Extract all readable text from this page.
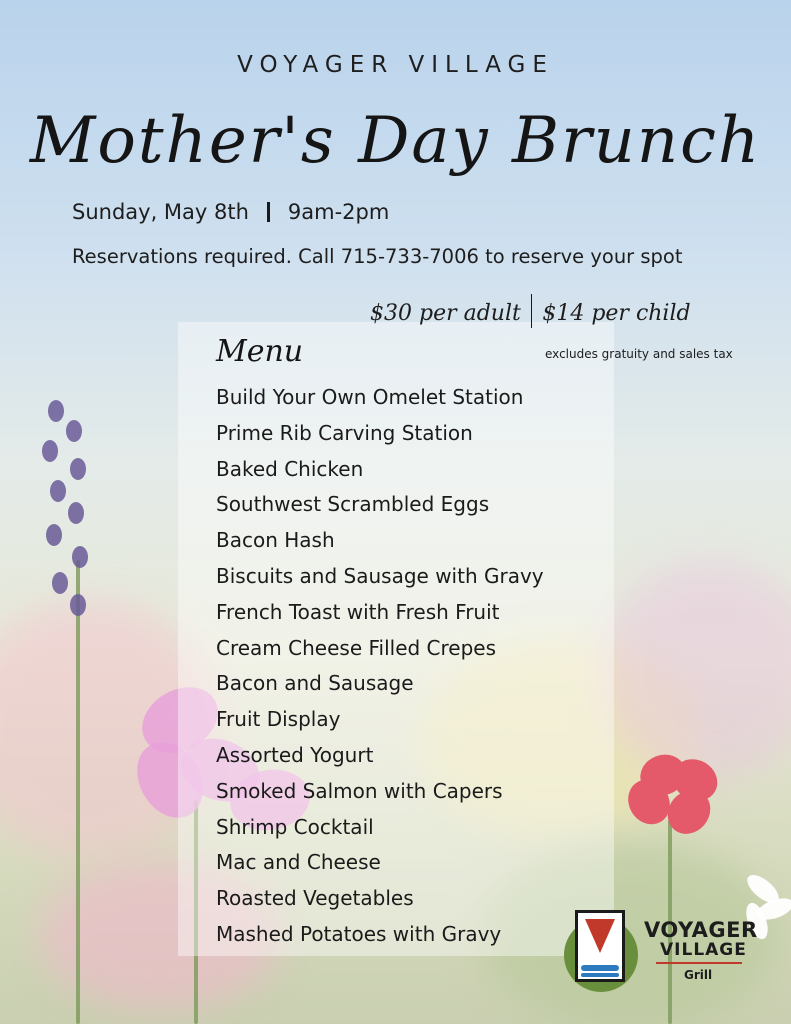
VOYAGER VILLAGE
Mother's Day Brunch
Sunday, May 8th 9am-2pm
Reservations required. Call 715-733-7006 to reserve your spot
$30 per adult $14 per child
excludes gratuity and sales tax
Menu
Build Your Own Omelet Station
Prime Rib Carving Station
Baked Chicken
Southwest Scrambled Eggs
Bacon Hash
Biscuits and Sausage with Gravy
French Toast with Fresh Fruit
Cream Cheese Filled Crepes
Bacon and Sausage
Fruit Display
Assorted Yogurt
Smoked Salmon with Capers
Shrimp Cocktail
Mac and Cheese
Roasted Vegetables
Mashed Potatoes with Gravy	VOYAGER
VILLAGE
Grill
